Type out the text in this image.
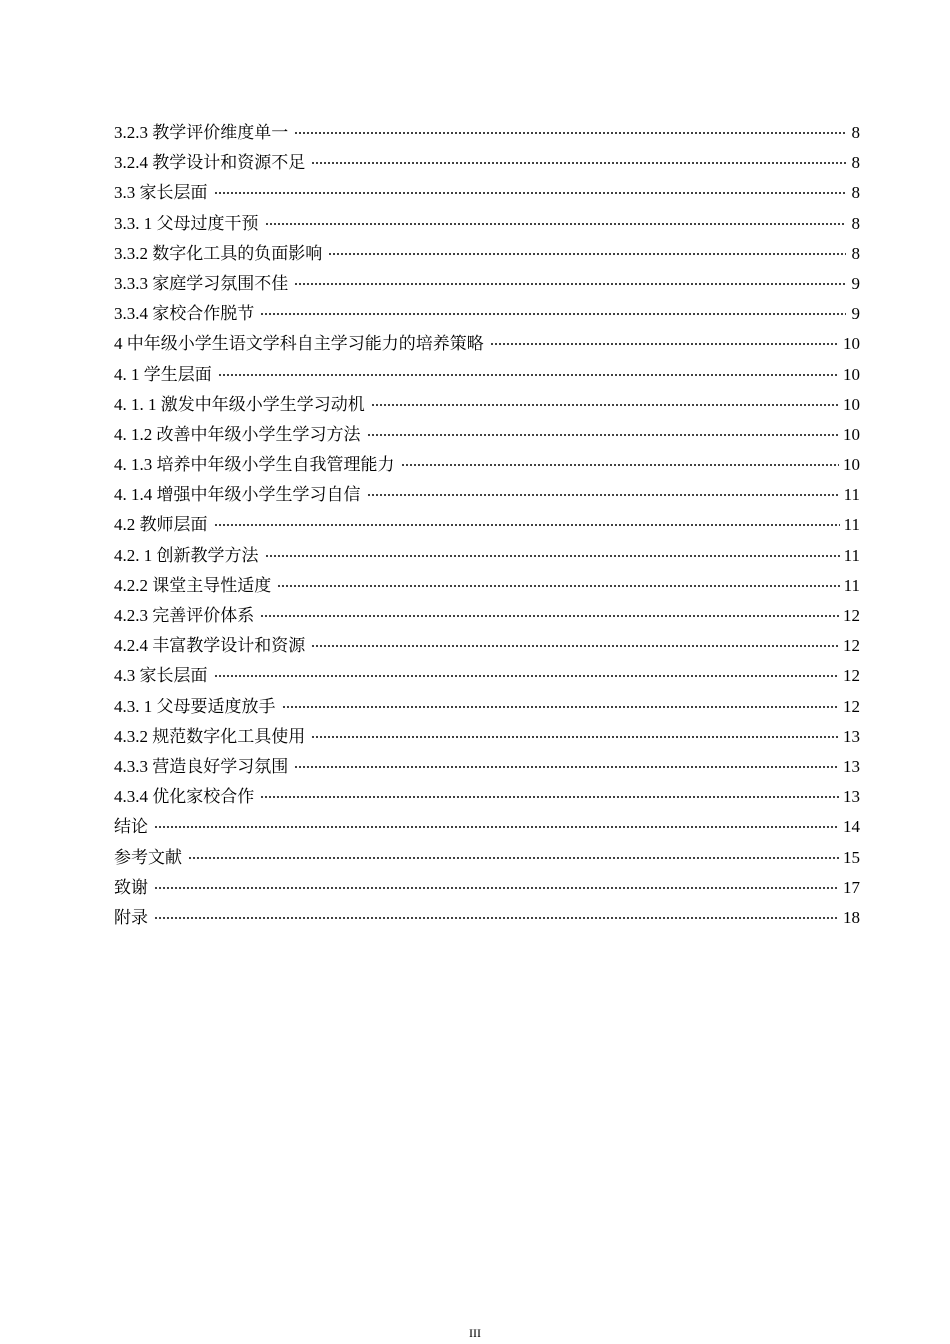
3.2.3 教学评价维度单一	8
3.2.4 教学设计和资源不足	8
3.3 家长层面	8
3.3. 1 父母过度干预	8
3.3.2 数字化工具的负面影响	8
3.3.3 家庭学习氛围不佳	9
3.3.4 家校合作脱节	9
4 中年级小学生语文学科自主学习能力的培养策略	10
4. 1 学生层面	10
4. 1. 1 激发中年级小学生学习动机	10
4. 1.2 改善中年级小学生学习方法	10
4. 1.3 培养中年级小学生自我管理能力	10
4. 1.4 增强中年级小学生学习自信	11
4.2 教师层面	11
4.2. 1 创新教学方法	11
4.2.2 课堂主导性适度	11
4.2.3 完善评价体系	12
4.2.4 丰富教学设计和资源	12
4.3 家长层面	12
4.3. 1 父母要适度放手	12
4.3.2 规范数字化工具使用	13
4.3.3 营造良好学习氛围	13
4.3.4 优化家校合作	13
结论	14
参考文献	15
致谢	17
附录	18
III
